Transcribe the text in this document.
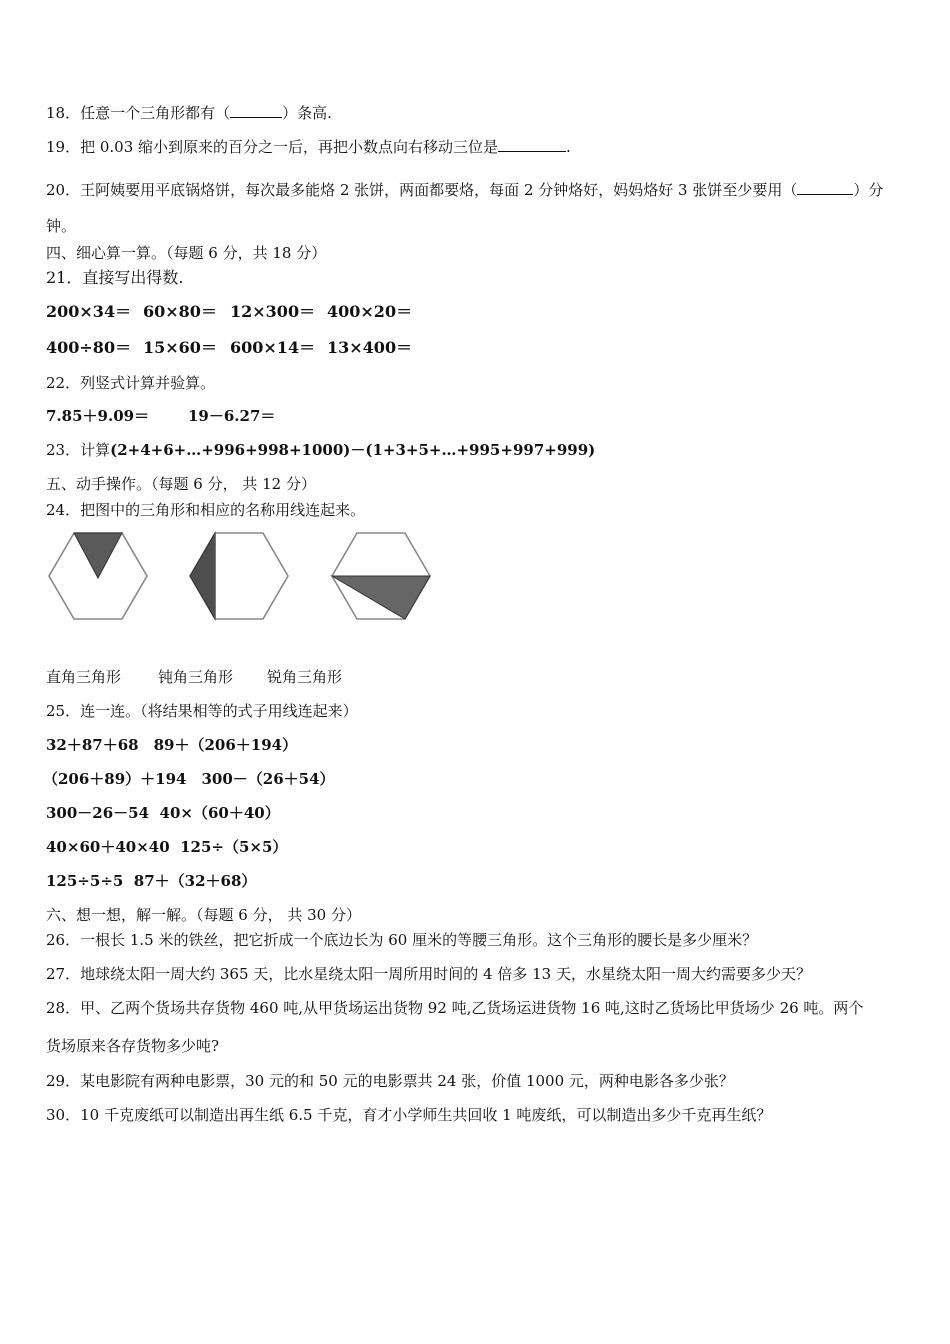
18．任意一个三角形都有（	）条高.
19．把 0.03 缩小到原来的百分之一后，再把小数点向右移动三位是	.
20．王阿姨要用平底锅烙饼，每次最多能烙 2 张饼，两面都要烙，每面 2 分钟烙好，妈妈烙好 3 张饼至少要用（	）分钟。
四、细心算一算。（每题 6 分，共 18 分）
21．直接写出得数.
200×34＝ 60×80＝ 12×300＝ 400×20＝
400÷80＝ 15×60＝ 600×14＝ 13×400＝
22．列竖式计算并验算。
7.85＋9.09＝	19－6.27＝
23．计算(2+4+6+…+996+998+1000)－(1+3+5+…+995+997+999)
五、动手操作。（每题 6 分， 共 12 分）
24．把图中的三角形和相应的名称用线连起来。
直角三角形 钝角三角形 锐角三角形
25．连一连。（将结果相等的式子用线连起来）
32＋87＋68　89＋（206＋194）
（206＋89）＋194　300－（26＋54）
300－26－54  40×（60＋40）
40×60＋40×40  125÷（5×5）
125÷5÷5  87＋（32＋68）
六、想一想，解一解。（每题 6 分， 共 30 分）
26．一根长 1.5 米的铁丝，把它折成一个底边长为 60 厘米的等腰三角形。这个三角形的腰长是多少厘米？
27．地球绕太阳一周大约 365 天，比水星绕太阳一周所用时间的 4 倍多 13 天，水星绕太阳一周大约需要多少天？
28．甲、乙两个货场共存货物 460 吨,从甲货场运出货物 92 吨,乙货场运进货物 16 吨,这时乙货场比甲货场少 26 吨。两个
货场原来各存货物多少吨?
29．某电影院有两种电影票，30 元的和 50 元的电影票共 24 张，价值 1000 元，两种电影各多少张？
30．10 千克废纸可以制造出再生纸 6.5 千克，育才小学师生共回收 1 吨废纸，可以制造出多少千克再生纸？
